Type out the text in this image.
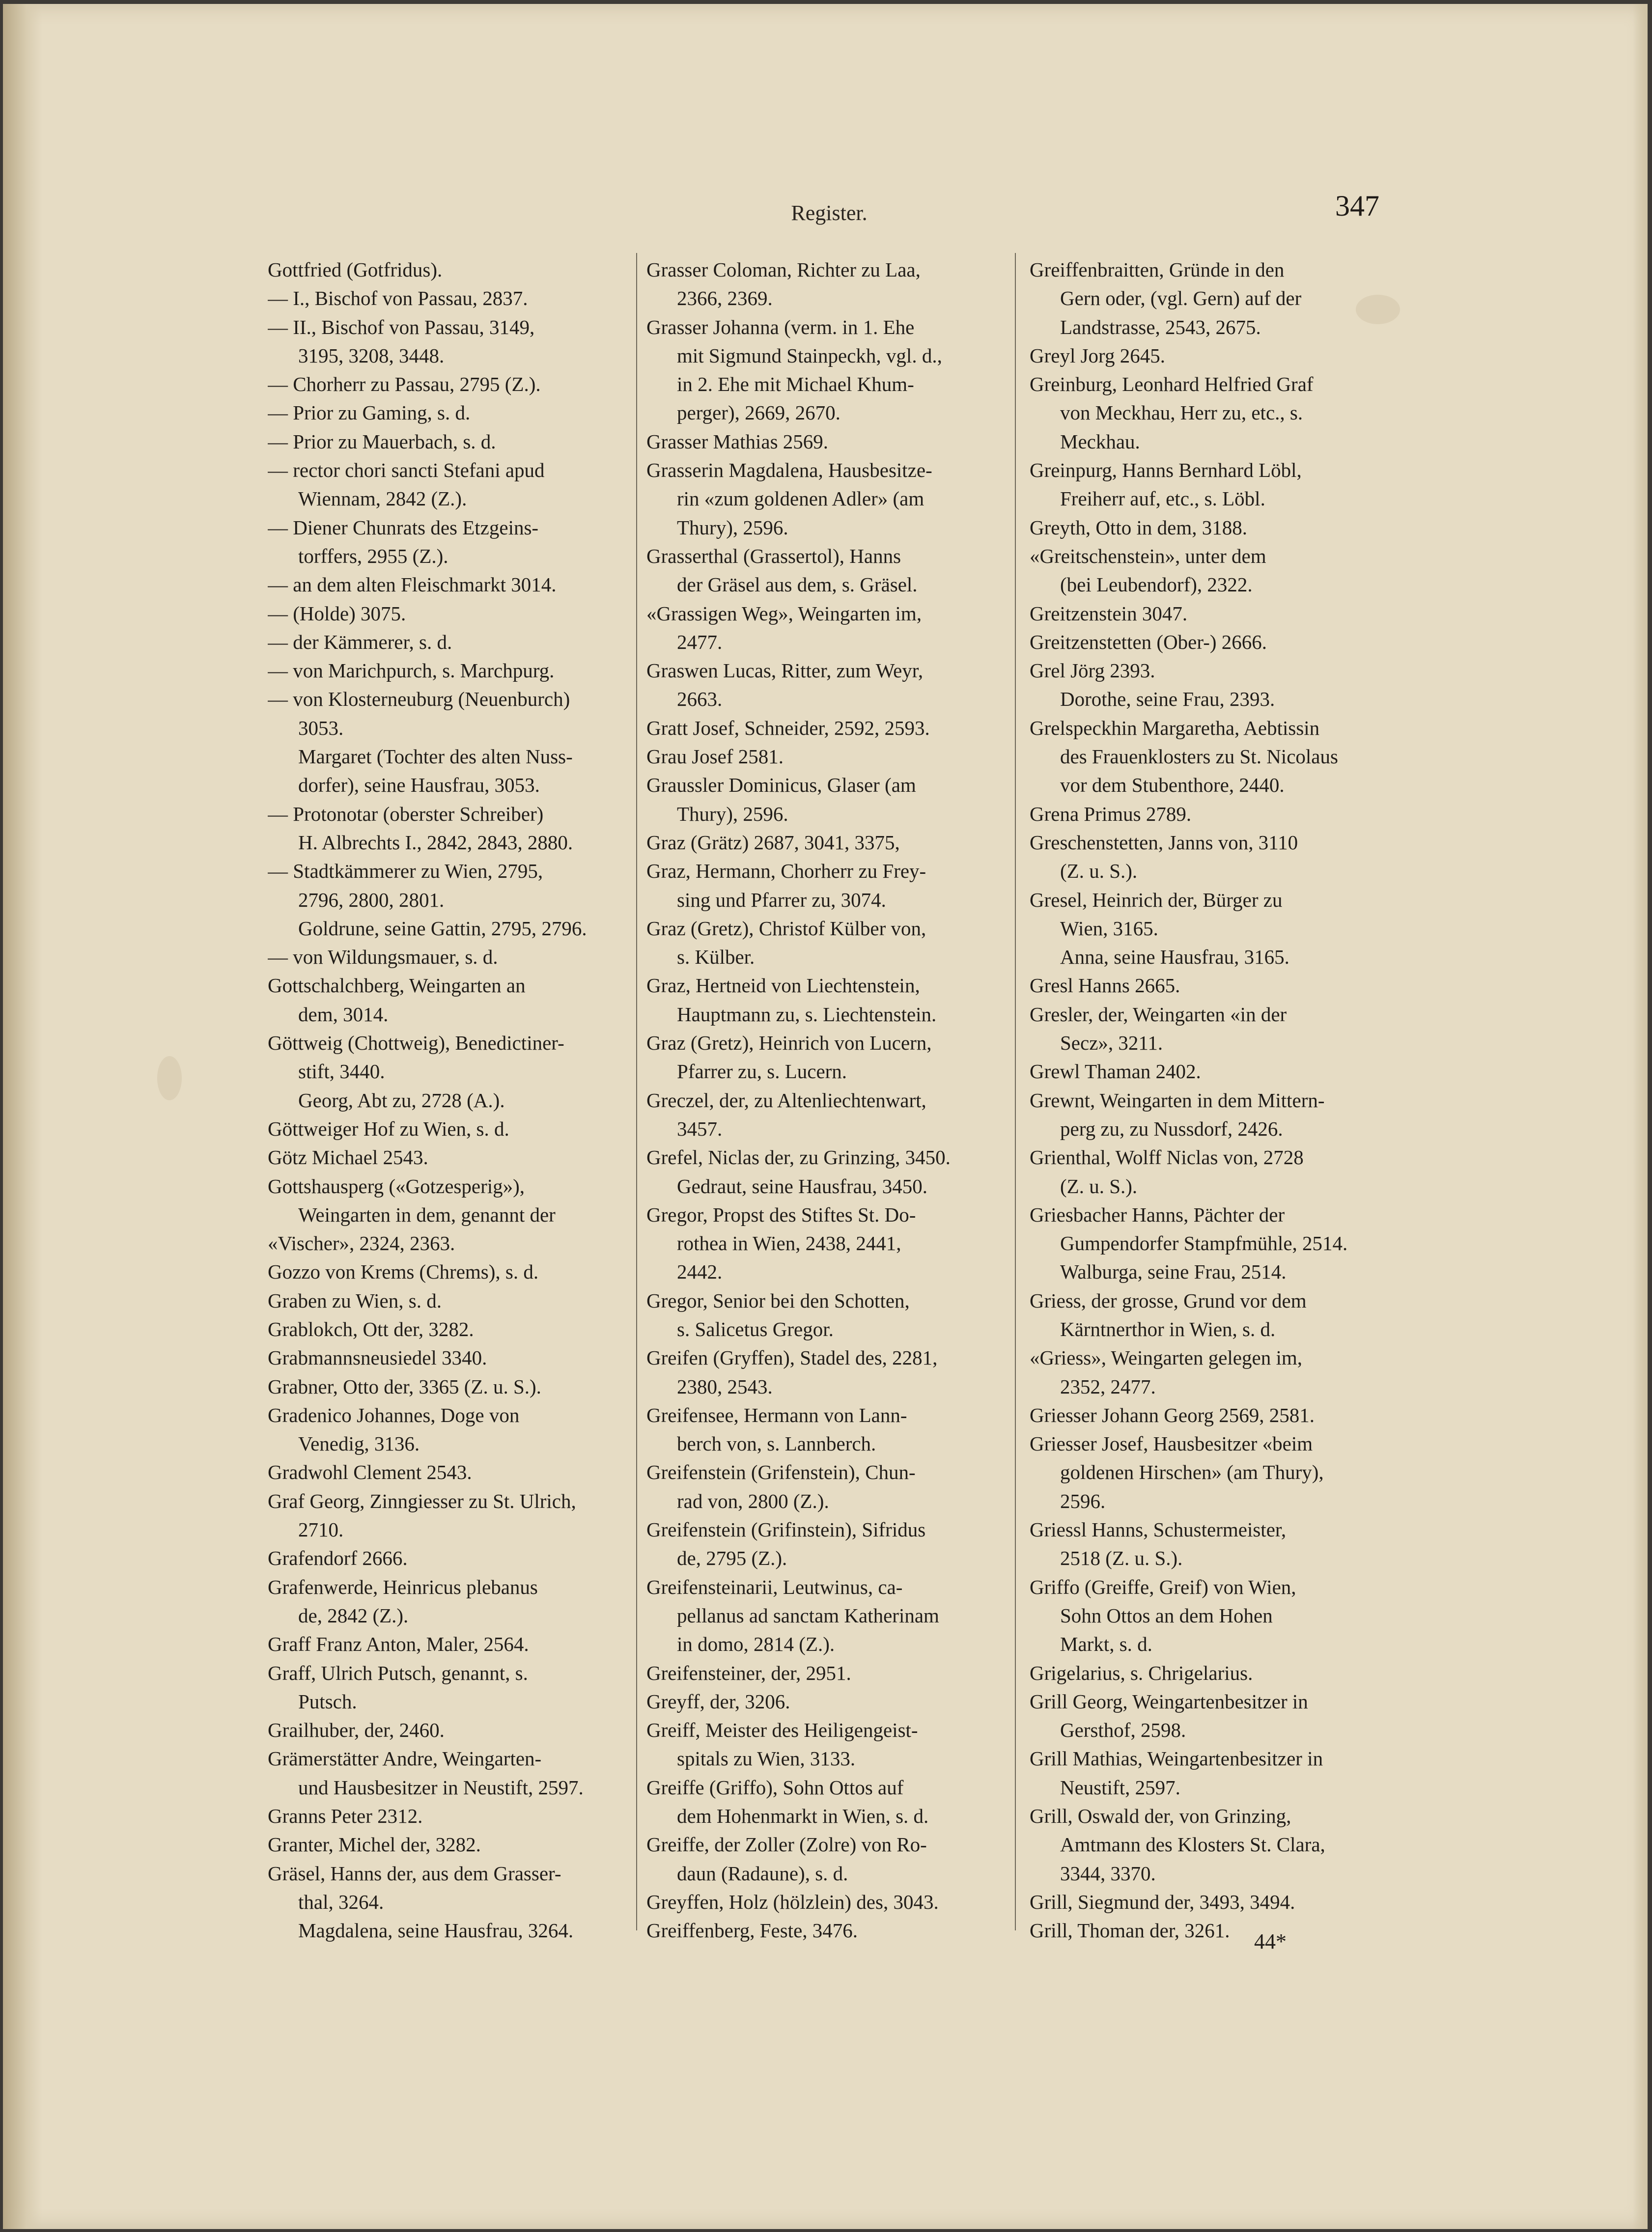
Register.	347
Gottfried (Gotfridus).
— I., Bischof von Passau, 2837.
— II., Bischof von Passau, 3149,
3195, 3208, 3448.
— Chorherr zu Passau, 2795 (Z.).
— Prior zu Gaming, s. d.
— Prior zu Mauerbach, s. d.
— rector chori sancti Stefani apud
Wiennam, 2842 (Z.).
— Diener Chunrats des Etzgeins-
torffers, 2955 (Z.).
— an dem alten Fleischmarkt 3014.
— (Holde) 3075.
— der Kämmerer, s. d.
— von Marichpurch, s. Marchpurg.
— von Klosterneuburg (Neuenburch)
3053.
Margaret (Tochter des alten Nuss-
dorfer), seine Hausfrau, 3053.
— Protonotar (oberster Schreiber)
H. Albrechts I., 2842, 2843, 2880.
— Stadtkämmerer zu Wien, 2795,
2796, 2800, 2801.
Goldrune, seine Gattin, 2795, 2796.
— von Wildungsmauer, s. d.
Gottschalchberg, Weingarten an
dem, 3014.
Göttweig (Chottweig), Benedictiner-
stift, 3440.
Georg, Abt zu, 2728 (A.).
Göttweiger Hof zu Wien, s. d.
Götz Michael 2543.
Gottshausperg («Gotzesperig»),
Weingarten in dem, genannt der
«Vischer», 2324, 2363.
Gozzo von Krems (Chrems), s. d.
Graben zu Wien, s. d.
Grablokch, Ott der, 3282.
Grabmannsneusiedel 3340.
Grabner, Otto der, 3365 (Z. u. S.).
Gradenico Johannes, Doge von
Venedig, 3136.
Gradwohl Clement 2543.
Graf Georg, Zinngiesser zu St. Ulrich,
2710.
Grafendorf 2666.
Grafenwerde, Heinricus plebanus
de, 2842 (Z.).
Graff Franz Anton, Maler, 2564.
Graff, Ulrich Putsch, genannt, s.
Putsch.
Grailhuber, der, 2460.
Grämerstätter Andre, Weingarten-
und Hausbesitzer in Neustift, 2597.
Granns Peter 2312.
Granter, Michel der, 3282.
Gräsel, Hanns der, aus dem Grasser-
thal, 3264.
Magdalena, seine Hausfrau, 3264.
Grasser Coloman, Richter zu Laa,
2366, 2369.
Grasser Johanna (verm. in 1. Ehe
mit Sigmund Stainpeckh, vgl. d.,
in 2. Ehe mit Michael Khum-
perger), 2669, 2670.
Grasser Mathias 2569.
Grasserin Magdalena, Hausbesitze-
rin «zum goldenen Adler» (am
Thury), 2596.
Grasserthal (Grassertol), Hanns
der Gräsel aus dem, s. Gräsel.
«Grassigen Weg», Weingarten im,
2477.
Graswen Lucas, Ritter, zum Weyr,
2663.
Gratt Josef, Schneider, 2592, 2593.
Grau Josef 2581.
Graussler Dominicus, Glaser (am
Thury), 2596.
Graz (Grätz) 2687, 3041, 3375,
Graz, Hermann, Chorherr zu Frey-
sing und Pfarrer zu, 3074.
Graz (Gretz), Christof Külber von,
s. Külber.
Graz, Hertneid von Liechtenstein,
Hauptmann zu, s. Liechtenstein.
Graz (Gretz), Heinrich von Lucern,
Pfarrer zu, s. Lucern.
Greczel, der, zu Altenliechtenwart,
3457.
Grefel, Niclas der, zu Grinzing, 3450.
Gedraut, seine Hausfrau, 3450.
Gregor, Propst des Stiftes St. Do-
rothea in Wien, 2438, 2441,
2442.
Gregor, Senior bei den Schotten,
s. Salicetus Gregor.
Greifen (Gryffen), Stadel des, 2281,
2380, 2543.
Greifensee, Hermann von Lann-
berch von, s. Lannberch.
Greifenstein (Grifenstein), Chun-
rad von, 2800 (Z.).
Greifenstein (Grifinstein), Sifridus
de, 2795 (Z.).
Greifensteinarii, Leutwinus, ca-
pellanus ad sanctam Katherinam
in domo, 2814 (Z.).
Greifensteiner, der, 2951.
Greyff, der, 3206.
Greiff, Meister des Heiligengeist-
spitals zu Wien, 3133.
Greiffe (Griffo), Sohn Ottos auf
dem Hohenmarkt in Wien, s. d.
Greiffe, der Zoller (Zolre) von Ro-
daun (Radaune), s. d.
Greyffen, Holz (hölzlein) des, 3043.
Greiffenberg, Feste, 3476.
Greiffenbraitten, Gründe in den
Gern oder, (vgl. Gern) auf der
Landstrasse, 2543, 2675.
Greyl Jorg 2645.
Greinburg, Leonhard Helfried Graf
von Meckhau, Herr zu, etc., s.
Meckhau.
Greinpurg, Hanns Bernhard Löbl,
Freiherr auf, etc., s. Löbl.
Greyth, Otto in dem, 3188.
«Greitschenstein», unter dem
(bei Leubendorf), 2322.
Greitzenstein 3047.
Greitzenstetten (Ober-) 2666.
Grel Jörg 2393.
Dorothe, seine Frau, 2393.
Grelspeckhin Margaretha, Aebtissin
des Frauenklosters zu St. Nicolaus
vor dem Stubenthore, 2440.
Grena Primus 2789.
Greschenstetten, Janns von, 3110
(Z. u. S.).
Gresel, Heinrich der, Bürger zu
Wien, 3165.
Anna, seine Hausfrau, 3165.
Gresl Hanns 2665.
Gresler, der, Weingarten «in der
Secz», 3211.
Grewl Thaman 2402.
Grewnt, Weingarten in dem Mittern-
perg zu, zu Nussdorf, 2426.
Grienthal, Wolff Niclas von, 2728
(Z. u. S.).
Griesbacher Hanns, Pächter der
Gumpendorfer Stampfmühle, 2514.
Walburga, seine Frau, 2514.
Griess, der grosse, Grund vor dem
Kärntnerthor in Wien, s. d.
«Griess», Weingarten gelegen im,
2352, 2477.
Griesser Johann Georg 2569, 2581.
Griesser Josef, Hausbesitzer «beim
goldenen Hirschen» (am Thury),
2596.
Griessl Hanns, Schustermeister,
2518 (Z. u. S.).
Griffo (Greiffe, Greif) von Wien,
Sohn Ottos an dem Hohen
Markt, s. d.
Grigelarius, s. Chrigelarius.
Grill Georg, Weingartenbesitzer in
Gersthof, 2598.
Grill Mathias, Weingartenbesitzer in
Neustift, 2597.
Grill, Oswald der, von Grinzing,
Amtmann des Klosters St. Clara,
3344, 3370.
Grill, Siegmund der, 3493, 3494.
Grill, Thoman der, 3261.	44*
